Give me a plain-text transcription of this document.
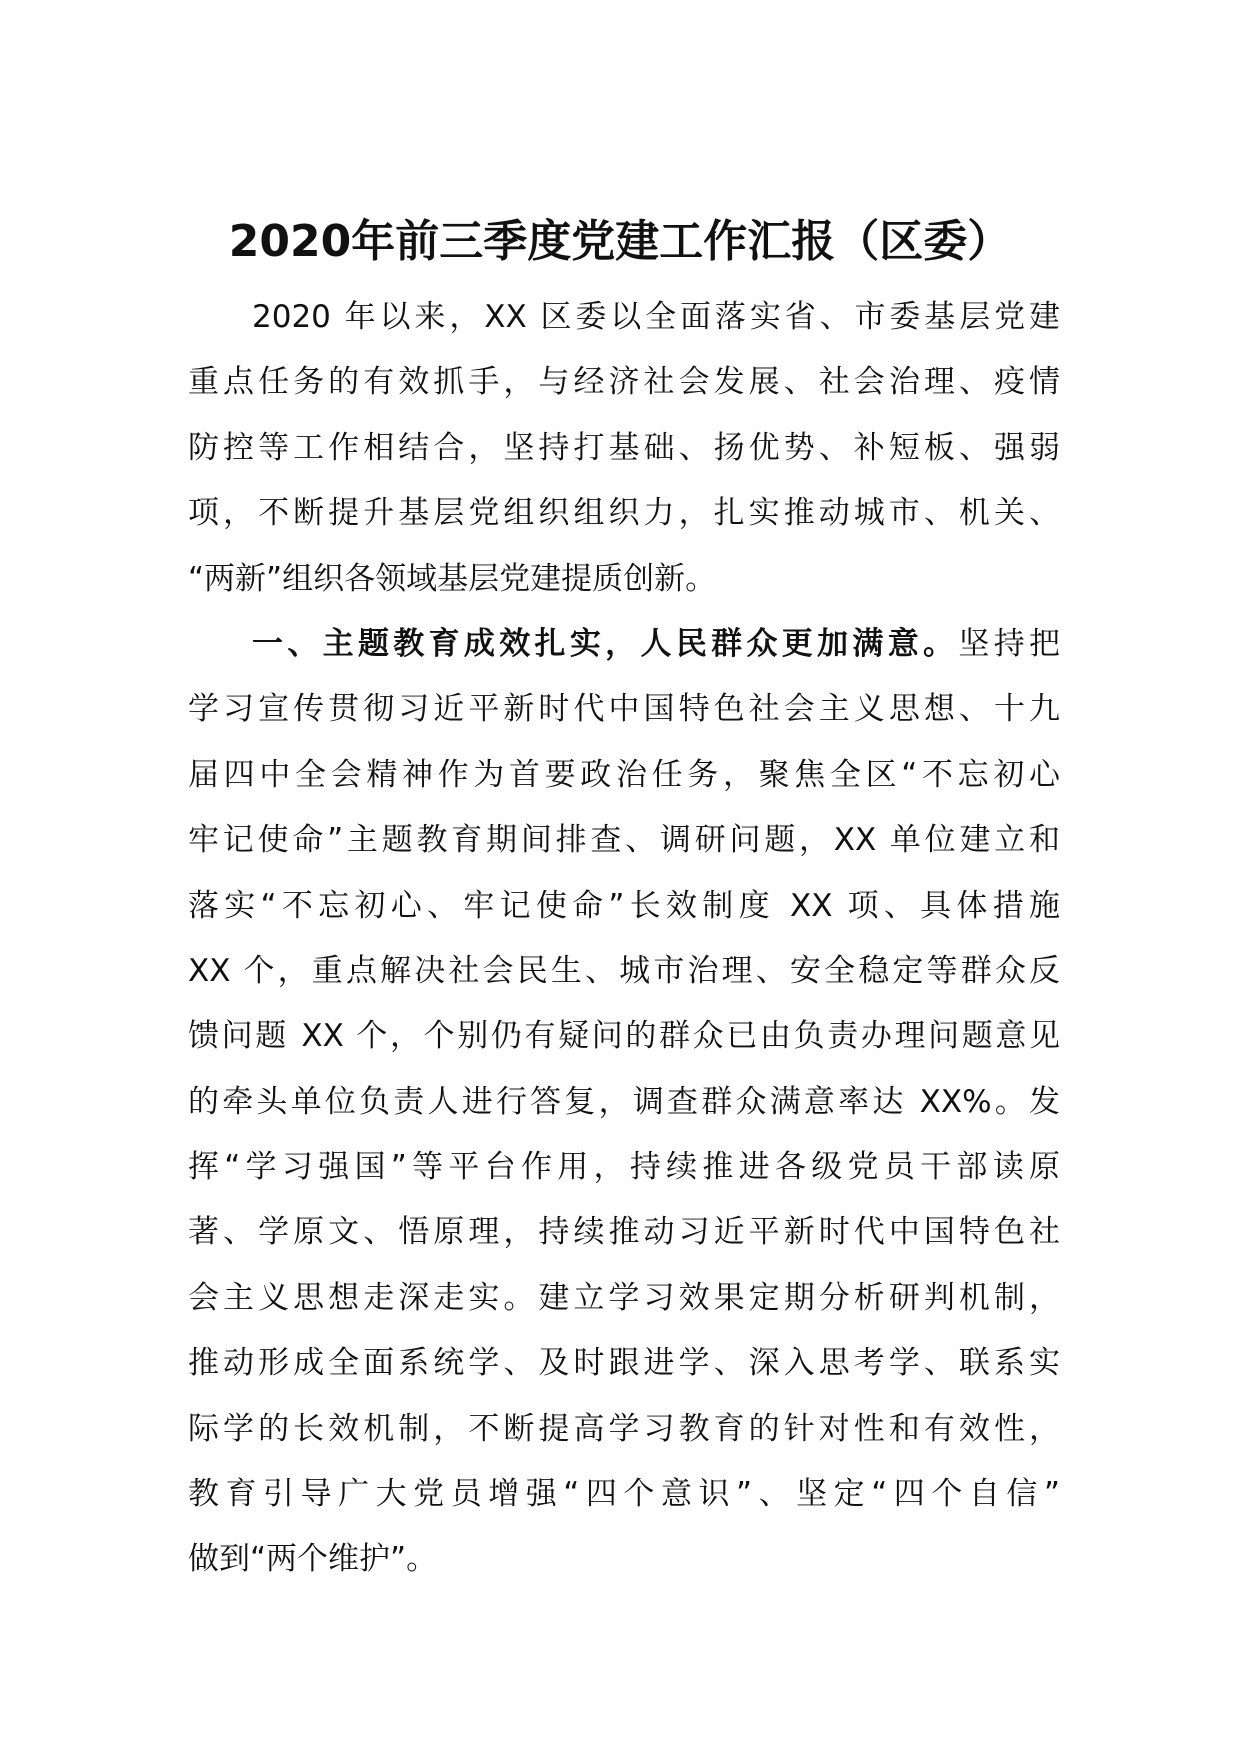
2020年前三季度党建工作汇报（区委）
2020 年以来，XX 区委以全面落实省、市委基层党建
重点任务的有效抓手，与经济社会发展、社会治理、疫情
防控等工作相结合，坚持打基础、扬优势、补短板、强弱
项，不断提升基层党组织组织力，扎实推动城市、机关、
“两新”组织各领域基层党建提质创新。
一、主题教育成效扎实，人民群众更加满意。坚持把
学习宣传贯彻习近平新时代中国特色社会主义思想、十九
届四中全会精神作为首要政治任务，聚焦全区“不忘初心
牢记使命”主题教育期间排查、调研问题，XX 单位建立和
落实“不忘初心、牢记使命”长效制度 XX 项、具体措施
XX 个，重点解决社会民生、城市治理、安全稳定等群众反
馈问题 XX 个，个别仍有疑问的群众已由负责办理问题意见
的牵头单位负责人进行答复，调查群众满意率达 XX%。发
挥“学习强国”等平台作用，持续推进各级党员干部读原
著、学原文、悟原理，持续推动习近平新时代中国特色社
会主义思想走深走实。建立学习效果定期分析研判机制，
推动形成全面系统学、及时跟进学、深入思考学、联系实
际学的长效机制，不断提高学习教育的针对性和有效性，
教育引导广大党员增强“四个意识”、坚定“四个自信”
做到“两个维护”。
